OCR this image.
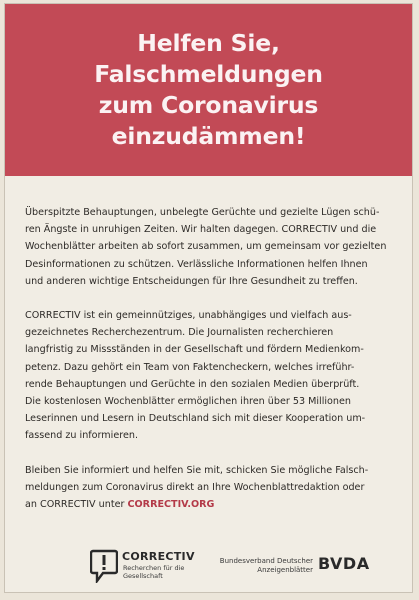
Helfen Sie,
Falschmeldungen
zum Coronavirus
einzudämmen!

Überspitzte Behauptungen, unbelegte Gerüchte und gezielte Lügen schü-
ren Ängste in unruhigen Zeiten. Wir halten dagegen. CORRECTIV und die
Wochenblätter arbeiten ab sofort zusammen, um gemeinsam vor gezielten
Desinformationen zu schützen. Verlässliche Informationen helfen Ihnen
und anderen wichtige Entscheidungen für Ihre Gesundheit zu treffen.

CORRECTIV ist ein gemeinnütziges, unabhängiges und vielfach aus-
gezeichnetes Recherchezentrum. Die Journalisten recherchieren
langfristig zu Missständen in der Gesellschaft und fördern Medienkom-
petenz. Dazu gehört ein Team von Faktencheckern, welches irreführ-
rende Behauptungen und Gerüchte in den sozialen Medien überprüft.
Die kostenlosen Wochenblätter ermöglichen ihren über 53 Millionen
Leserinnen und Lesern in Deutschland sich mit dieser Kooperation um-
fassend zu informieren.

Bleiben Sie informiert und helfen Sie mit, schicken Sie mögliche Falsch-
meldungen zum Coronavirus direkt an Ihre Wochenblattredaktion oder
an CORRECTIV unter CORRECTIV.ORG

CORRECTIV
Recherchen für die Gesellschaft
Bundesverband Deutscher
Anzeigenblätter BVDA
